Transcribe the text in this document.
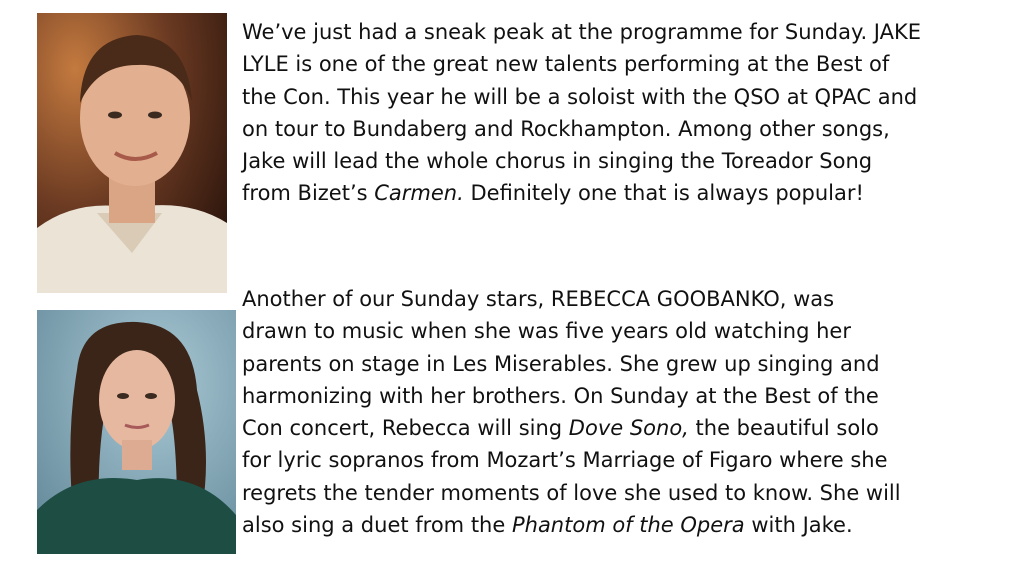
We’ve just had a sneak peak at the programme for Sunday. JAKE
LYLE is one of the great new talents performing at the Best of
the Con. This year he will be a soloist with the QSO at QPAC and
on tour to Bundaberg and Rockhampton. Among other songs,
Jake will lead the whole chorus in singing the Toreador Song
from Bizet’s Carmen. Definitely one that is always popular!
Another of our Sunday stars, REBECCA GOOBANKO, was
drawn to music when she was five years old watching her
parents on stage in Les Miserables. She grew up singing and
harmonizing with her brothers. On Sunday at the Best of the
Con concert, Rebecca will sing Dove Sono, the beautiful solo
for lyric sopranos from Mozart’s Marriage of Figaro where she
regrets the tender moments of love she used to know. She will
also sing a duet from the Phantom of the Opera with Jake.
